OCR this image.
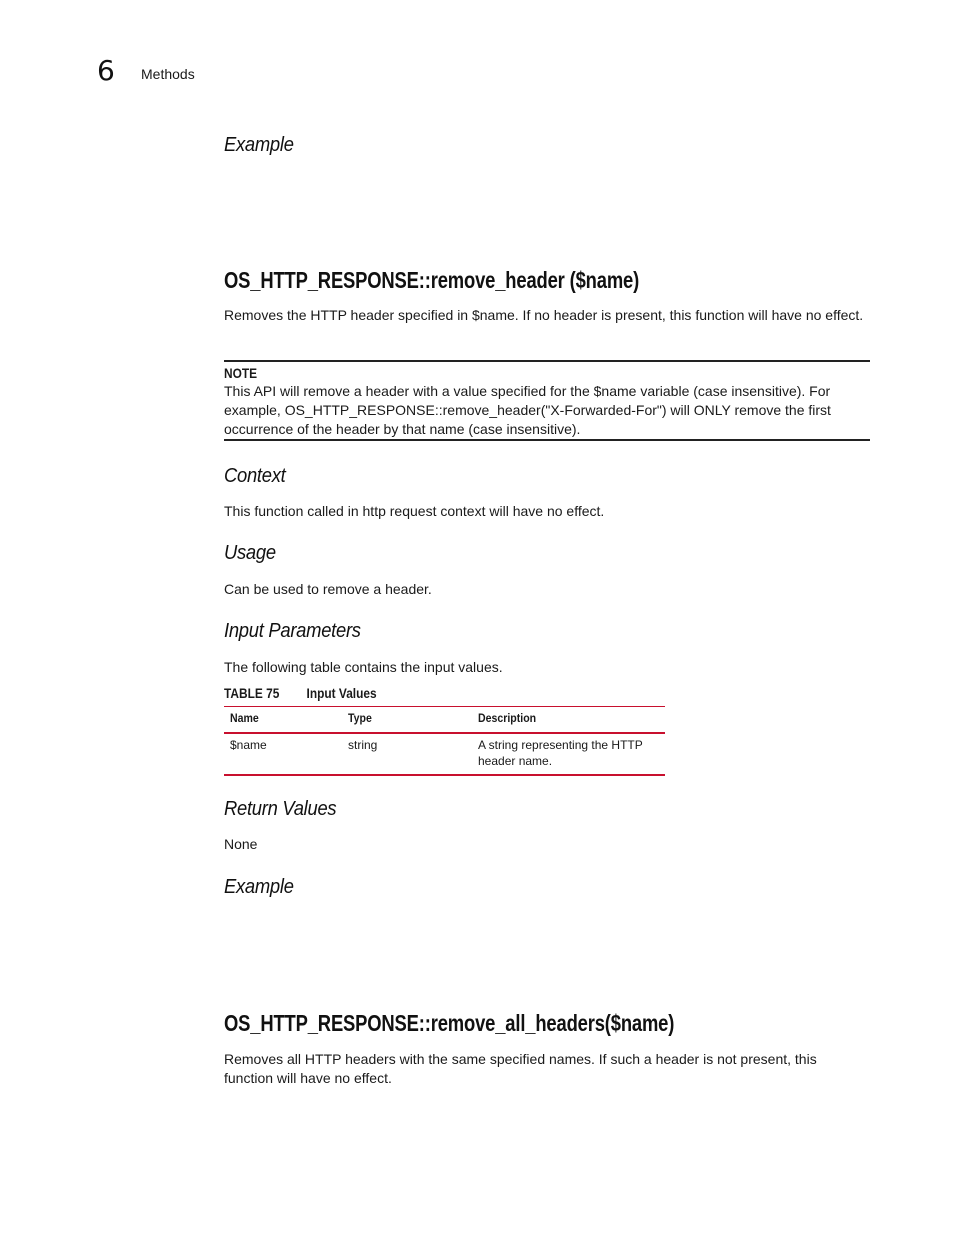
6 Methods
Example
OS_HTTP_RESPONSE::remove_header ($name)
Removes the HTTP header specified in $name. If no header is present, this function will have no effect.
NOTE
This API will remove a header with a value specified for the $name variable (case insensitive). For example, OS_HTTP_RESPONSE::remove_header("X-Forwarded-For") will ONLY remove the first occurrence of the header by that name (case insensitive).
Context
This function called in http request context will have no effect.
Usage
Can be used to remove a header.
Input Parameters
The following table contains the input values.
TABLE 75 Input Values
Name	Type	Description
$name	string	A string representing the HTTP header name.
Return Values
None
Example
OS_HTTP_RESPONSE::remove_all_headers($name)
Removes all HTTP headers with the same specified names. If such a header is not present, this function will have no effect.
